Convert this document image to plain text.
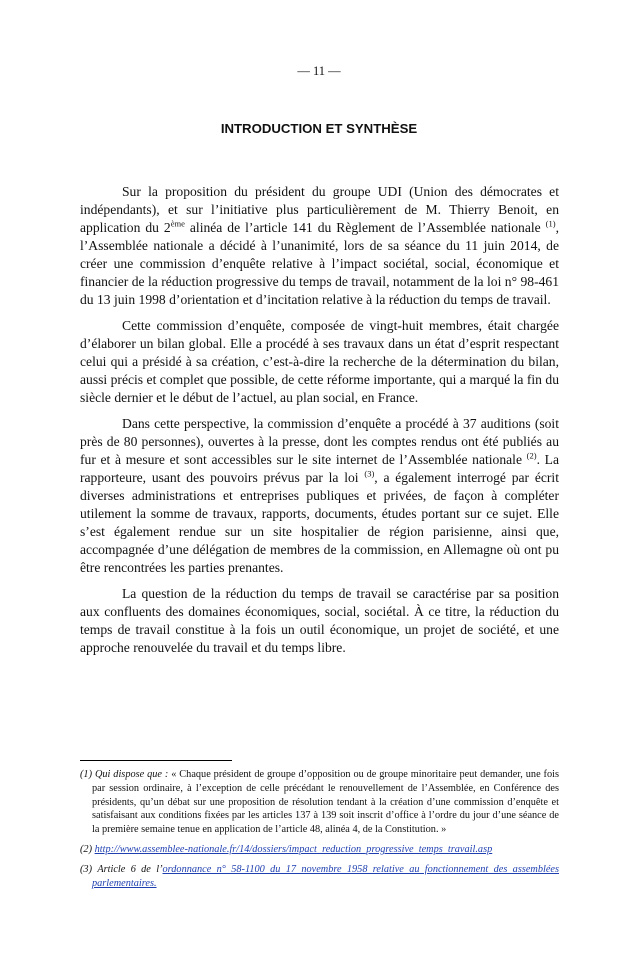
— 11 —
INTRODUCTION ET SYNTHÈSE

Sur la proposition du président du groupe UDI (Union des démocrates et indépendants), et sur l’initiative plus particulièrement de M. Thierry Benoit, en application du 2ème alinéa de l’article 141 du Règlement de l’Assemblée nationale $^{(1)}$, l’Assemblée nationale a décidé à l’unanimité, lors de sa séance du 11 juin 2014, de créer une commission d’enquête relative à l’impact sociétal, social, économique et financier de la réduction progressive du temps de travail, notamment de la loi n° 98-461 du 13 juin 1998 d’orientation et d’incitation relative à la réduction du temps de travail.

Cette commission d’enquête, composée de vingt-huit membres, était chargée d’élaborer un bilan global. Elle a procédé à ses travaux dans un état d’esprit respectant celui qui a présidé à sa création, c’est-à-dire la recherche de la détermination du bilan, aussi précis et complet que possible, de cette réforme importante, qui a marqué la fin du siècle dernier et le début de l’actuel, au plan social, en France.

Dans cette perspective, la commission d’enquête a procédé à 37 auditions (soit près de 80 personnes), ouvertes à la presse, dont les comptes rendus ont été publiés au fur et à mesure et sont accessibles sur le site internet de l’Assemblée nationale $^{(2)}$. La rapporteure, usant des pouvoirs prévus par la loi $^{(3)}$, a également interrogé par écrit diverses administrations et entreprises publiques et privées, de façon à compléter utilement la somme de travaux, rapports, documents, études portant sur ce sujet. Elle s’est également rendue sur un site hospitalier de région parisienne, ainsi que, accompagnée d’une délégation de membres de la commission, en Allemagne où ont pu être rencontrées les parties prenantes.

La question de la réduction du temps de travail se caractérise par sa position aux confluents des domaines économiques, social, sociétal. À ce titre, la réduction du temps de travail constitue à la fois un outil économique, un projet de société, et une approche renouvelée du travail et du temps libre.

(1) Qui dispose que : « Chaque président de groupe d’opposition ou de groupe minoritaire peut demander, une fois par session ordinaire, à l’exception de celle précédant le renouvellement de l’Assemblée, en Conférence des présidents, qu’un débat sur une proposition de résolution tendant à la création d’une commission d’enquête et satisfaisant aux conditions fixées par les articles 137 à 139 soit inscrit d’office à l’ordre du jour d’une séance de la première semaine tenue en application de l’article 48, alinéa 4, de la Constitution. »

(2) http://www.assemblee-nationale.fr/14/dossiers/impact_reduction_progressive_temps_travail.asp

(3) Article 6 de l’ordonnance n° 58-1100 du 17 novembre 1958 relative au fonctionnement des assemblées parlementaires.
